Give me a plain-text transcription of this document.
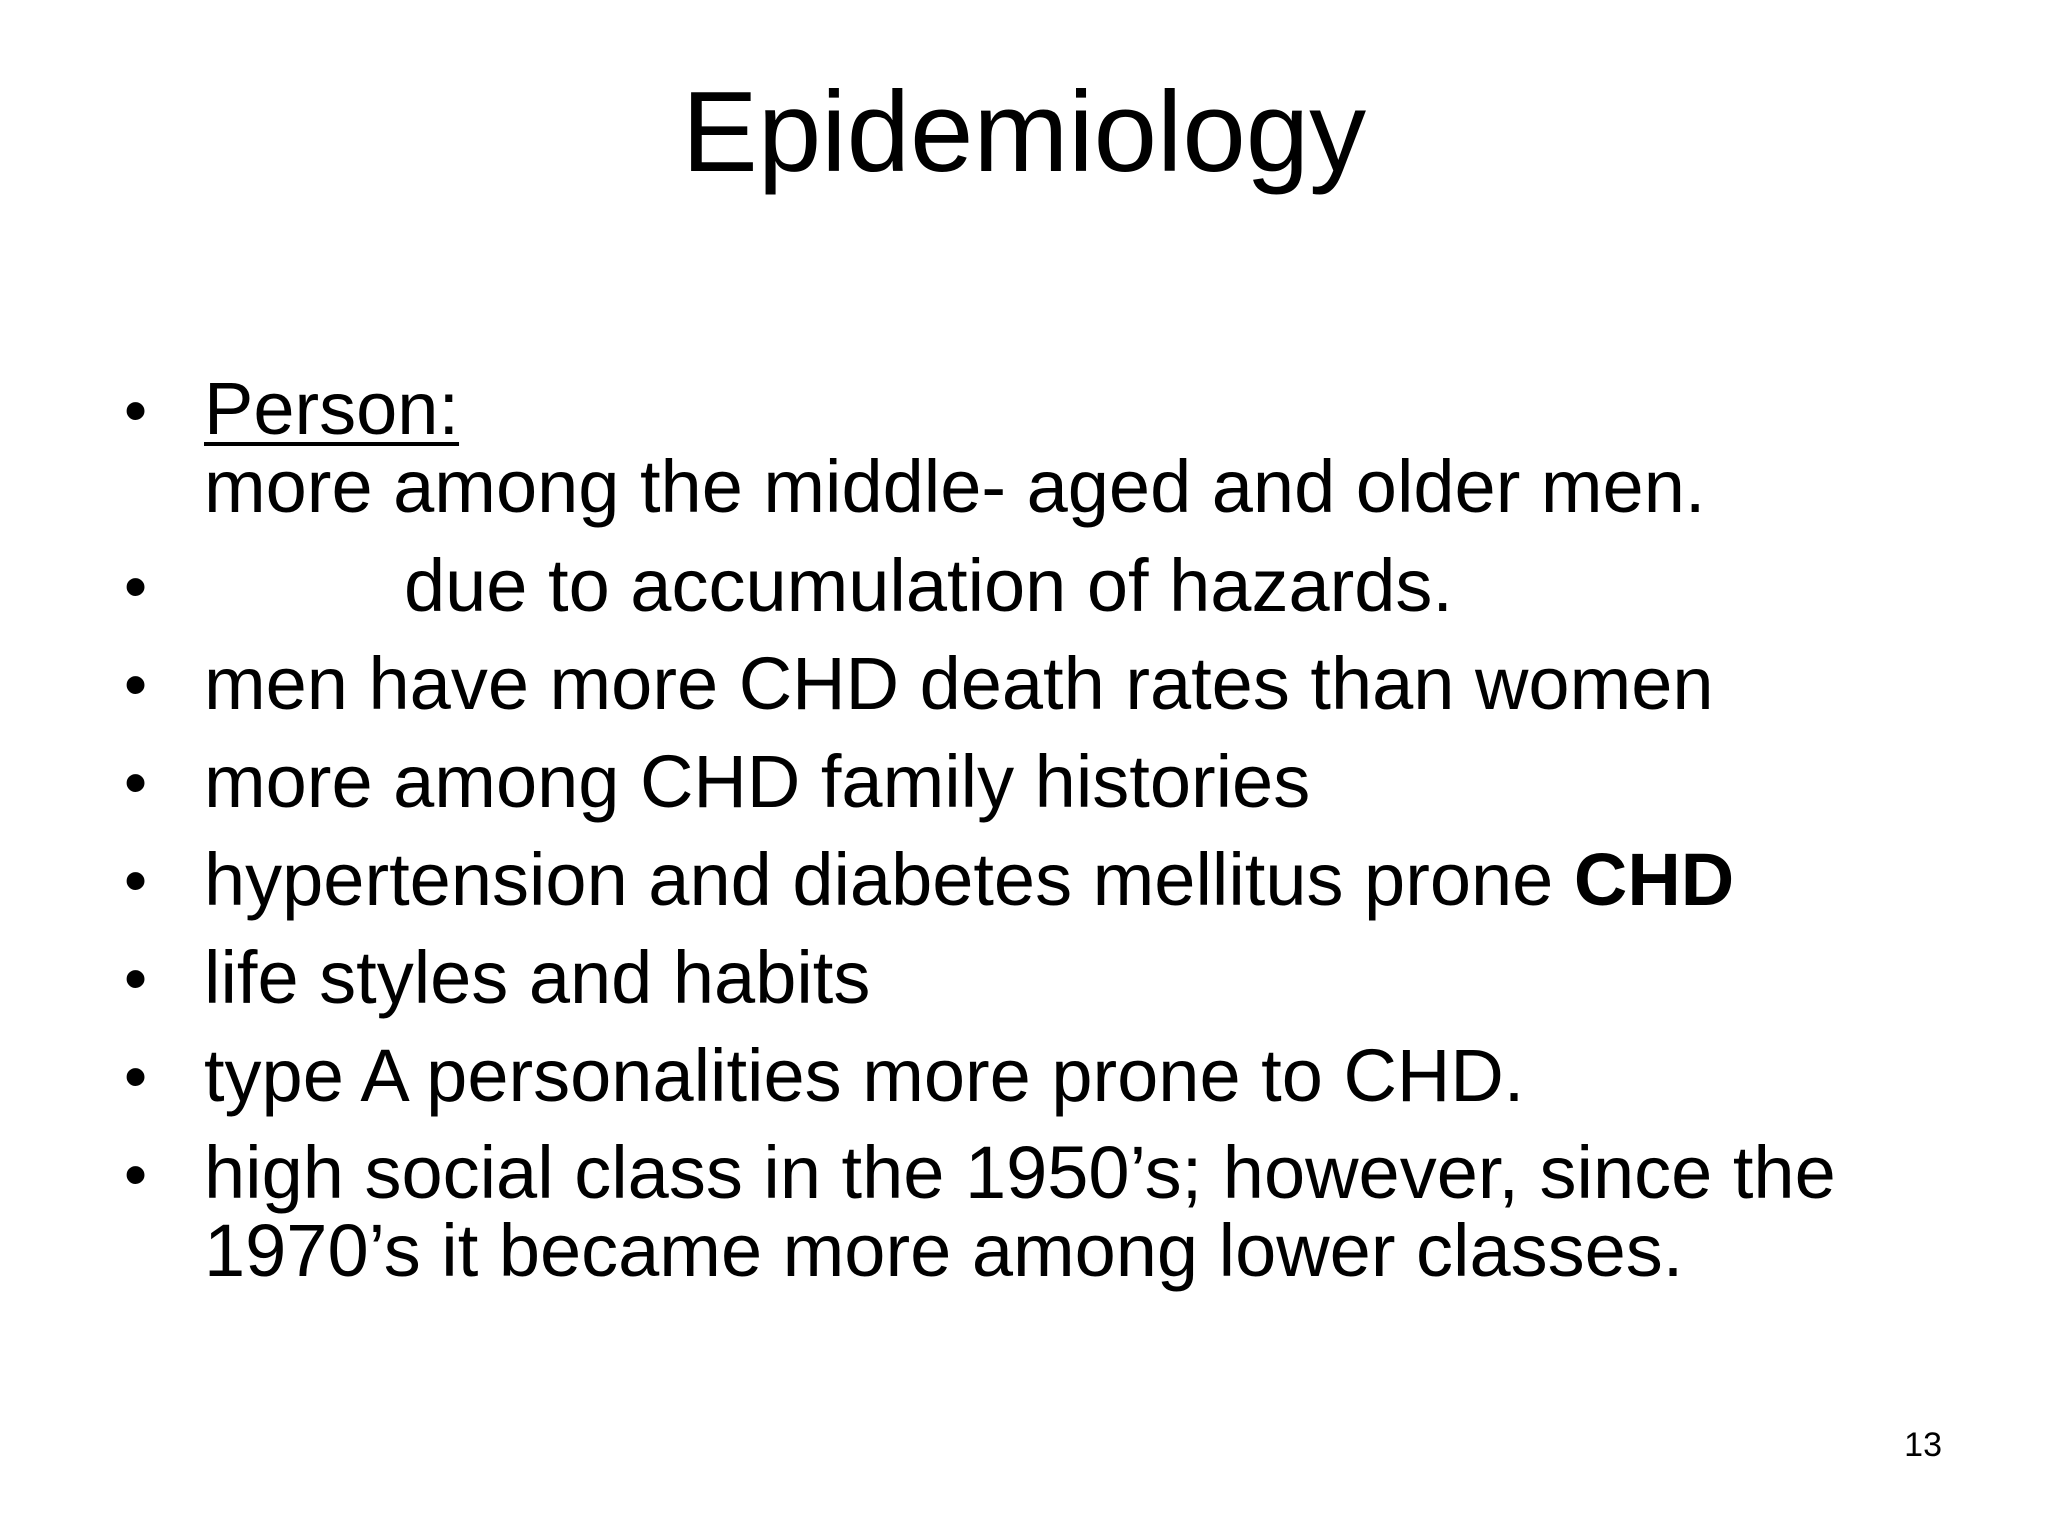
Epidemiology
• Person:
more among the middle- aged and older men.
•	due to accumulation of hazards.
• men have more CHD death rates than women
• more among CHD family histories
• hypertension and diabetes mellitus prone CHD
• life styles and habits
• type A personalities more prone to CHD.
• high social class in the 1950’s; however, since the
1970’s it became more among lower classes.
13
